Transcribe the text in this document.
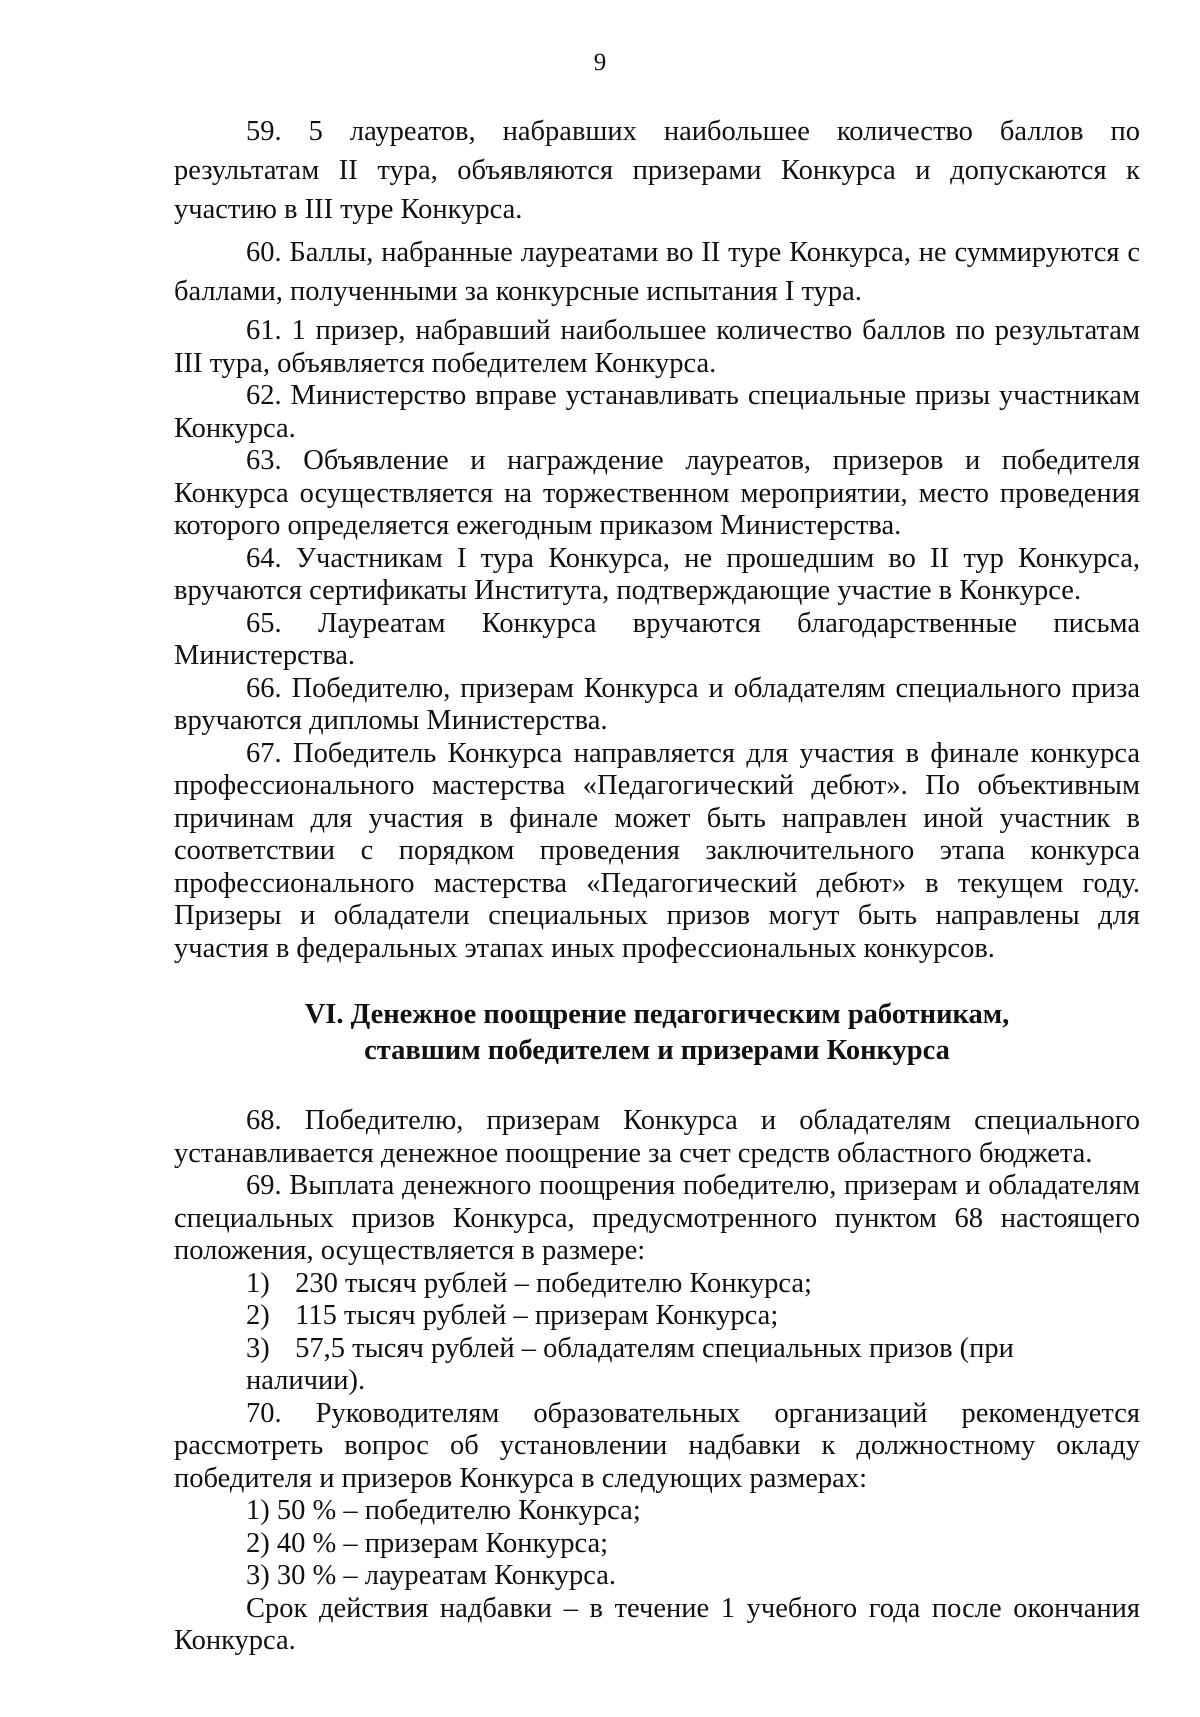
9

59. 5 лауреатов, набравших наибольшее количество баллов по результатам II тура, объявляются призерами Конкурса и допускаются к участию в III туре Конкурса.

60. Баллы, набранные лауреатами во II туре Конкурса, не суммируются с баллами, полученными за конкурсные испытания I тура.

61. 1 призер, набравший наибольшее количество баллов по результатам III тура, объявляется победителем Конкурса.

62. Министерство вправе устанавливать специальные призы участникам Конкурса.

63. Объявление и награждение лауреатов, призеров и победителя Конкурса осуществляется на торжественном мероприятии, место проведения которого определяется ежегодным приказом Министерства.

64. Участникам I тура Конкурса, не прошедшим во II тур Конкурса, вручаются сертификаты Института, подтверждающие участие в Конкурсе.

65. Лауреатам Конкурса вручаются благодарственные письма Министерства.

66. Победителю, призерам Конкурса и обладателям специального приза вручаются дипломы Министерства.

67. Победитель Конкурса направляется для участия в финале конкурса профессионального мастерства «Педагогический дебют». По объективным причинам для участия в финале может быть направлен иной участник в соответствии с порядком проведения заключительного этапа конкурса профессионального мастерства «Педагогический дебют» в текущем году. Призеры и обладатели специальных призов могут быть направлены для участия в федеральных этапах иных профессиональных конкурсов.

VI. Денежное поощрение педагогическим работникам,
ставшим победителем и призерами Конкурса

68. Победителю, призерам Конкурса и обладателям специального устанавливается денежное поощрение за счет средств областного бюджета.

69. Выплата денежного поощрения победителю, призерам и обладателям специальных призов Конкурса, предусмотренного пунктом 68 настоящего положения, осуществляется в размере:

1) 230 тысяч рублей – победителю Конкурса;

2) 115 тысяч рублей – призерам Конкурса;

3) 57,5 тысяч рублей – обладателям специальных призов (при наличии).

70. Руководителям образовательных организаций рекомендуется рассмотреть вопрос об установлении надбавки к должностному окладу победителя и призеров Конкурса в следующих размерах:

1) 50 % – победителю Конкурса;

2) 40 % – призерам Конкурса;

3) 30 % – лауреатам Конкурса.

Срок действия надбавки – в течение 1 учебного года после окончания Конкурса.
